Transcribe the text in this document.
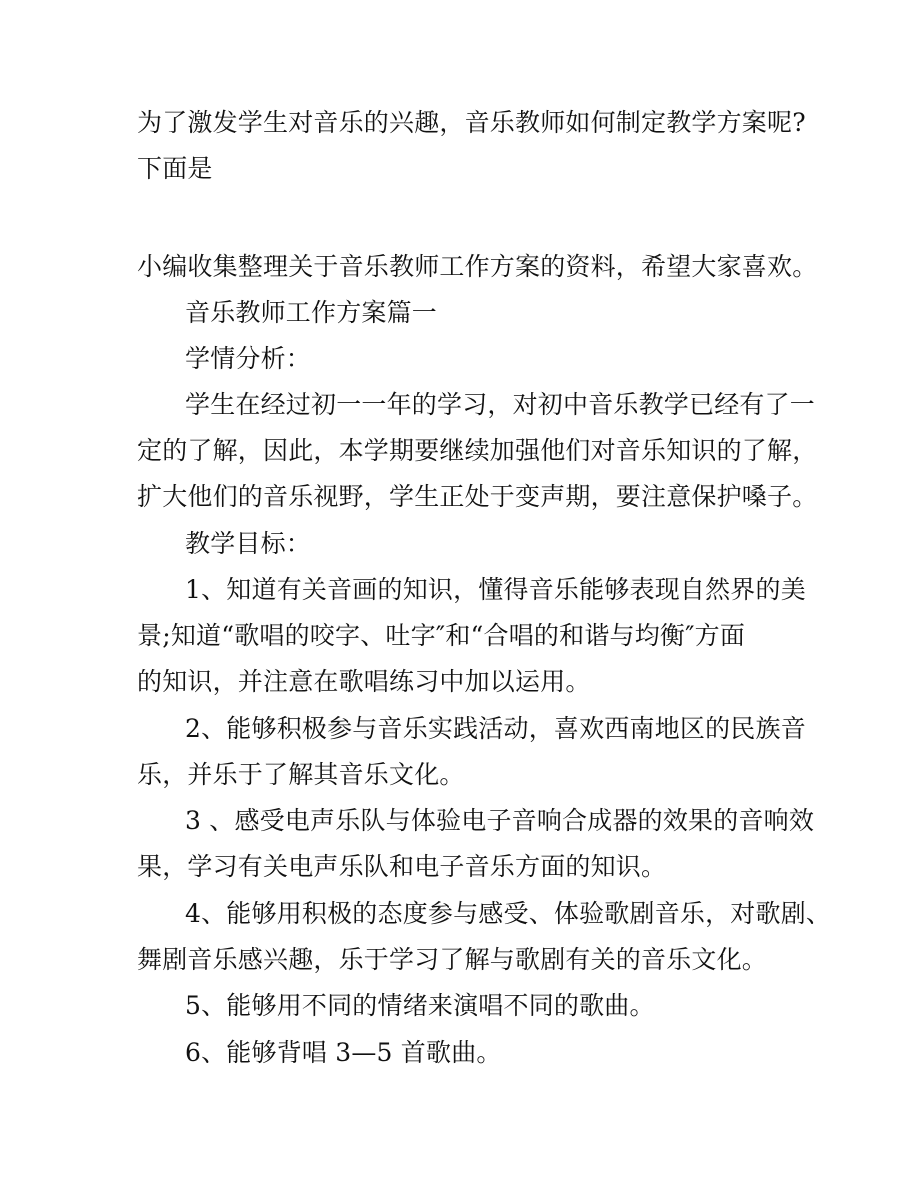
为了激发学生对音乐的兴趣，音乐教师如何制定教学方案呢?
下面是
小编收集整理关于音乐教师工作方案的资料，希望大家喜欢。
音乐教师工作方案篇一
学情分析：
学生在经过初一一年的学习，对初中音乐教学已经有了一
定的了解，因此，本学期要继续加强他们对音乐知识的了解，
扩大他们的音乐视野，学生正处于变声期，要注意保护嗓子。
教学目标：
1、知道有关音画的知识，懂得音乐能够表现自然界的美
景;知道“歌唱的咬字、吐字″和“合唱的和谐与均衡″方面
的知识，并注意在歌唱练习中加以运用。
2、能够积极参与音乐实践活动，喜欢西南地区的民族音
乐，并乐于了解其音乐文化。
3 、感受电声乐队与体验电子音响合成器的效果的音响效
果，学习有关电声乐队和电子音乐方面的知识。
4、能够用积极的态度参与感受、体验歌剧音乐，对歌剧、
舞剧音乐感兴趣，乐于学习了解与歌剧有关的音乐文化。
5、能够用不同的情绪来演唱不同的歌曲。
6、能够背唱 3—5 首歌曲。
